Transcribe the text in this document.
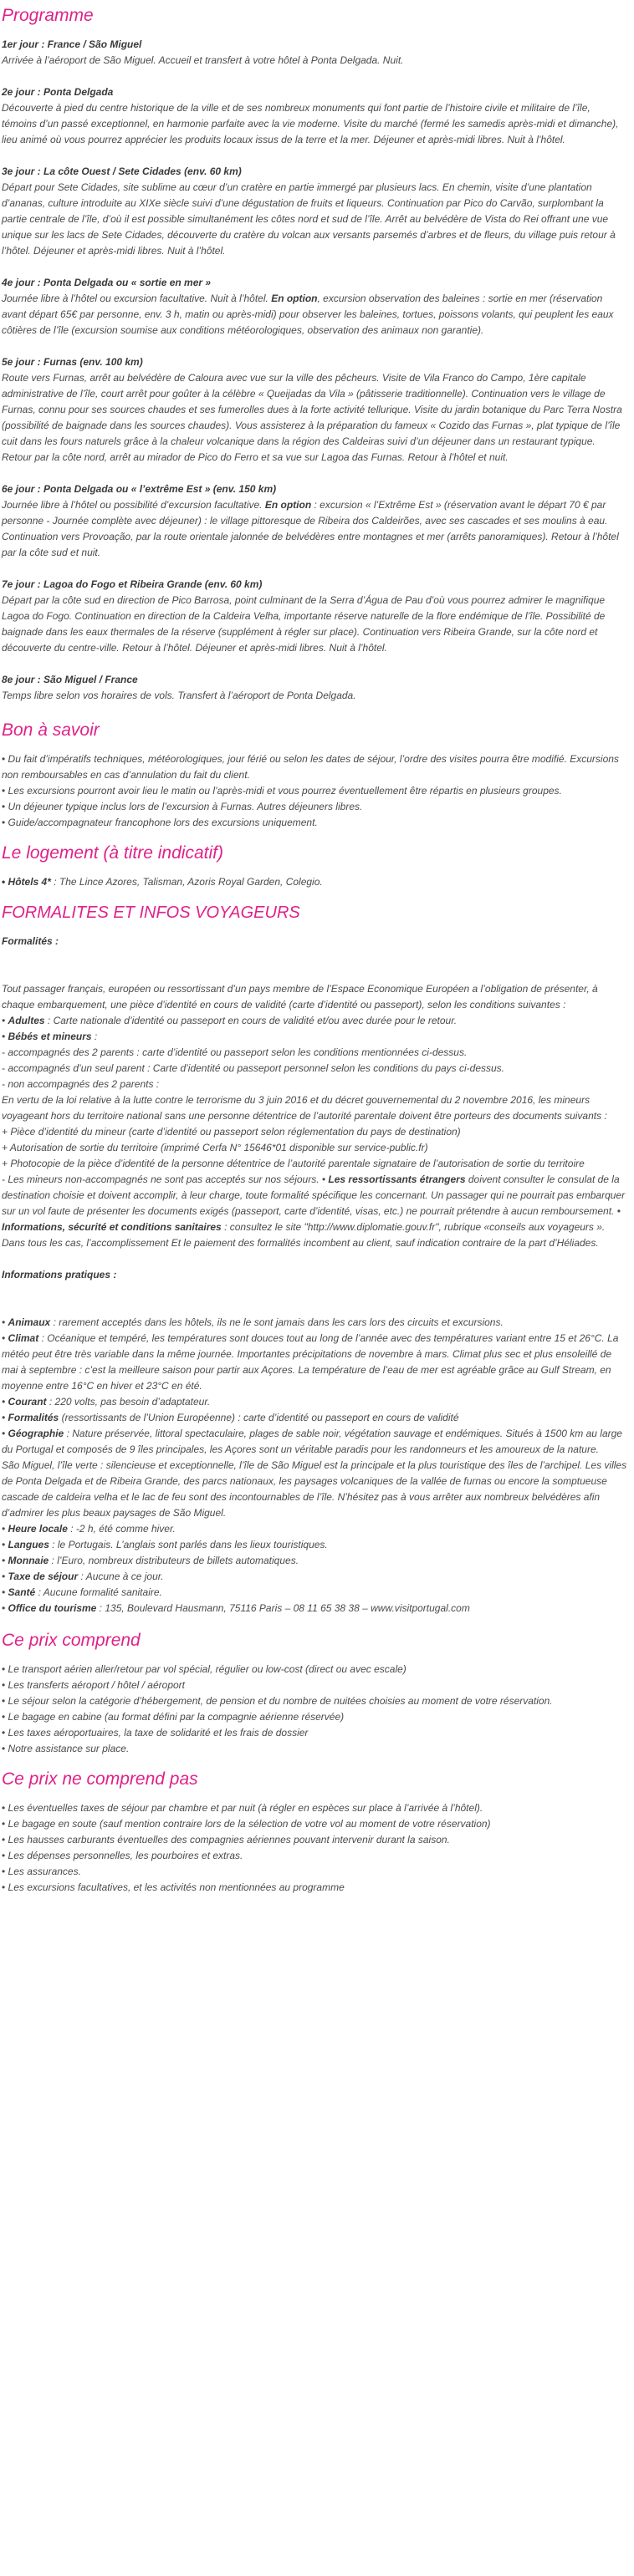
Programme
1er jour : France / São Miguel
Arrivée à l’aéroport de São Miguel. Accueil et transfert à votre hôtel à Ponta Delgada. Nuit.
2e jour : Ponta Delgada
Découverte à pied du centre historique de la ville et de ses nombreux monuments qui font partie de l’histoire civile et militaire de l’île, témoins d’un passé exceptionnel, en harmonie parfaite avec la vie moderne. Visite du marché (fermé les samedis après-midi et dimanche), lieu animé où vous pourrez apprécier les produits locaux issus de la terre et la mer. Déjeuner et après-midi libres. Nuit à l’hôtel.
3e jour : La côte Ouest / Sete Cidades (env. 60 km)
Départ pour Sete Cidades, site sublime au cœur d’un cratère en partie immergé par plusieurs lacs. En chemin, visite d’une plantation d’ananas, culture introduite au XIXe siècle suivi d’une dégustation de fruits et liqueurs. Continuation par Pico do Carvão, surplombant la partie centrale de l’île, d’où il est possible simultanément les côtes nord et sud de l’île. Arrêt au belvédère de Vista do Rei offrant une vue unique sur les lacs de Sete Cidades, découverte du cratère du volcan aux versants parsemés d’arbres et de fleurs, du village puis retour à l’hôtel. Déjeuner et après-midi libres. Nuit à l’hôtel.
4e jour : Ponta Delgada ou « sortie en mer »
Journée libre à l’hôtel ou excursion facultative. Nuit à l’hôtel. En option, excursion observation des baleines : sortie en mer (réservation avant départ 65€ par personne, env. 3 h, matin ou après-midi) pour observer les baleines, tortues, poissons volants, qui peuplent les eaux côtières de l’île (excursion soumise aux conditions météorologiques, observation des animaux non garantie).
5e jour : Furnas (env. 100 km)
Route vers Furnas, arrêt au belvédère de Caloura avec vue sur la ville des pêcheurs. Visite de Vila Franco do Campo, 1ère capitale administrative de l’île, court arrêt pour goûter à la célèbre « Queijadas da Vila » (pâtisserie traditionnelle). Continuation vers le village de Furnas, connu pour ses sources chaudes et ses fumerolles dues à la forte activité tellurique. Visite du jardin botanique du Parc Terra Nostra (possibilité de baignade dans les sources chaudes). Vous assisterez à la préparation du fameux « Cozido das Furnas », plat typique de l’île cuit dans les fours naturels grâce à la chaleur volcanique dans la région des Caldeiras suivi d’un déjeuner dans un restaurant typique. Retour par la côte nord, arrêt au mirador de Pico do Ferro et sa vue sur Lagoa das Furnas. Retour à l’hôtel et nuit.
6e jour : Ponta Delgada ou « l’extrême Est » (env. 150 km)
Journée libre à l’hôtel ou possibilité d’excursion facultative. En option : excursion « l’Extrême Est » (réservation avant le départ 70 € par personne - Journée complète avec déjeuner) : le village pittoresque de Ribeira dos Caldeirões, avec ses cascades et ses moulins à eau. Continuation vers Provoação, par la route orientale jalonnée de belvédères entre montagnes et mer (arrêts panoramiques). Retour à l’hôtel par la côte sud et nuit.
7e jour : Lagoa do Fogo et Ribeira Grande (env. 60 km)
Départ par la côte sud en direction de Pico Barrosa, point culminant de la Serra d’Água de Pau d’où vous pourrez admirer le magnifique Lagoa do Fogo. Continuation en direction de la Caldeira Velha, importante réserve naturelle de la flore endémique de l’île. Possibilité de baignade dans les eaux thermales de la réserve (supplément à régler sur place). Continuation vers Ribeira Grande, sur la côte nord et découverte du centre-ville. Retour à l’hôtel. Déjeuner et après-midi libres. Nuit à l’hôtel.
8e jour : São Miguel / France
Temps libre selon vos horaires de vols. Transfert à l’aéroport de Ponta Delgada.
Bon à savoir
• Du fait d’impératifs techniques, météorologiques, jour férié ou selon les dates de séjour, l’ordre des visites pourra être modifié. Excursions non remboursables en cas d’annulation du fait du client.
• Les excursions pourront avoir lieu le matin ou l’après-midi et vous pourrez éventuellement être répartis en plusieurs groupes.
• Un déjeuner typique inclus lors de l’excursion à Furnas. Autres déjeuners libres.
• Guide/accompagnateur francophone lors des excursions uniquement.
Le logement (à titre indicatif)
• Hôtels 4* : The Lince Azores, Talisman, Azoris Royal Garden, Colegio.
FORMALITES ET INFOS VOYAGEURS
Formalités :

Tout passager français, européen ou ressortissant d’un pays membre de l’Espace Economique Européen a l’obligation de présenter, à chaque embarquement, une pièce d’identité en cours de validité (carte d’identité ou passeport), selon les conditions suivantes :

• Adultes : Carte nationale d’identité ou passeport en cours de validité et/ou avec durée pour le retour.

• Bébés et mineurs :

- accompagnés des 2 parents : carte d’identité ou passeport selon les conditions mentionnées ci-dessus.

- accompagnés d’un seul parent : Carte d’identité ou passeport personnel selon les conditions du pays ci-dessus.

- non accompagnés des 2 parents :

En vertu de la loi relative à la lutte contre le terrorisme du 3 juin 2016 et du décret gouvernemental du 2 novembre 2016, les mineurs voyageant hors du territoire national sans une personne détentrice de l’autorité parentale doivent être porteurs des documents suivants :

+ Pièce d’identité du mineur (carte d’identité ou passeport selon réglementation du pays de destination)

+ Autorisation de sortie du territoire (imprimé Cerfa N° 15646*01 disponible sur service-public.fr)

+ Photocopie de la pièce d’identité de la personne détentrice de l’autorité parentale signataire de l’autorisation de sortie du territoire

- Les mineurs non-accompagnés ne sont pas acceptés sur nos séjours. • Les ressortissants étrangers doivent consulter le consulat de la destination choisie et doivent accomplir, à leur charge, toute formalité spécifique les concernant. Un passager qui ne pourrait pas embarquer sur un vol faute de présenter les documents exigés (passeport, carte d’identité, visas, etc.) ne pourrait prétendre à aucun remboursement. • Informations, sécurité et conditions sanitaires : consultez le site "http://www.diplomatie.gouv.fr", rubrique «conseils aux voyageurs ». Dans tous les cas, l’accomplissement Et le paiement des formalités incombent au client, sauf indication contraire de la part d’Héliades.

Informations pratiques :

• Animaux : rarement acceptés dans les hôtels, ils ne le sont jamais dans les cars lors des circuits et excursions.

• Climat : Océanique et tempéré, les températures sont douces tout au long de l’année avec des températures variant entre 15 et 26°C. La météo peut être très variable dans la même journée. Importantes précipitations de novembre à mars. Climat plus sec et plus ensoleillé de mai à septembre : c’est la meilleure saison pour partir aux Açores. La température de l’eau de mer est agréable grâce au Gulf Stream, en moyenne entre 16°C en hiver et 23°C en été.

• Courant : 220 volts, pas besoin d’adaptateur.

• Formalités (ressortissants de l’Union Européenne) : carte d’identité ou passeport en cours de validité

• Géographie : Nature préservée, littoral spectaculaire, plages de sable noir, végétation sauvage et endémiques. Situés à 1500 km au large du Portugal et composés de 9 îles principales, les Açores sont un véritable paradis pour les randonneurs et les amoureux de la nature.

São Miguel, l’île verte : silencieuse et exceptionnelle, l’île de São Miguel est la principale et la plus touristique des îles de l’archipel. Les villes de Ponta Delgada et de Ribeira Grande, des parcs nationaux, les paysages volcaniques de la vallée de furnas ou encore la somptueuse cascade de caldeira velha et le lac de feu sont des incontournables de l’île. N’hésitez pas à vous arrêter aux nombreux belvédères afin d’admirer les plus beaux paysages de São Miguel.

• Heure locale : -2 h, été comme hiver.

• Langues : le Portugais. L’anglais sont parlés dans les lieux touristiques.

• Monnaie : l’Euro, nombreux distributeurs de billets automatiques.

• Taxe de séjour : Aucune à ce jour.

• Santé : Aucune formalité sanitaire.

• Office du tourisme : 135, Boulevard Hausmann, 75116 Paris – 08 11 65 38 38 – www.visitportugal.com

Ce prix comprend
• Le transport aérien aller/retour par vol spécial, régulier ou low-cost (direct ou avec escale)
• Les transferts aéroport / hôtel / aéroport
• Le séjour selon la catégorie d’hébergement, de pension et du nombre de nuitées choisies au moment de votre réservation.
• Le bagage en cabine (au format défini par la compagnie aérienne réservée)
• Les taxes aéroportuaires, la taxe de solidarité et les frais de dossier
• Notre assistance sur place.
Ce prix ne comprend pas
• Les éventuelles taxes de séjour par chambre et par nuit (à régler en espèces sur place à l’arrivée à l’hôtel).
• Le bagage en soute (sauf mention contraire lors de la sélection de votre vol au moment de votre réservation)
• Les hausses carburants éventuelles des compagnies aériennes pouvant intervenir durant la saison.
• Les dépenses personnelles, les pourboires et extras.
• Les assurances.
• Les excursions facultatives, et les activités non mentionnées au programme
